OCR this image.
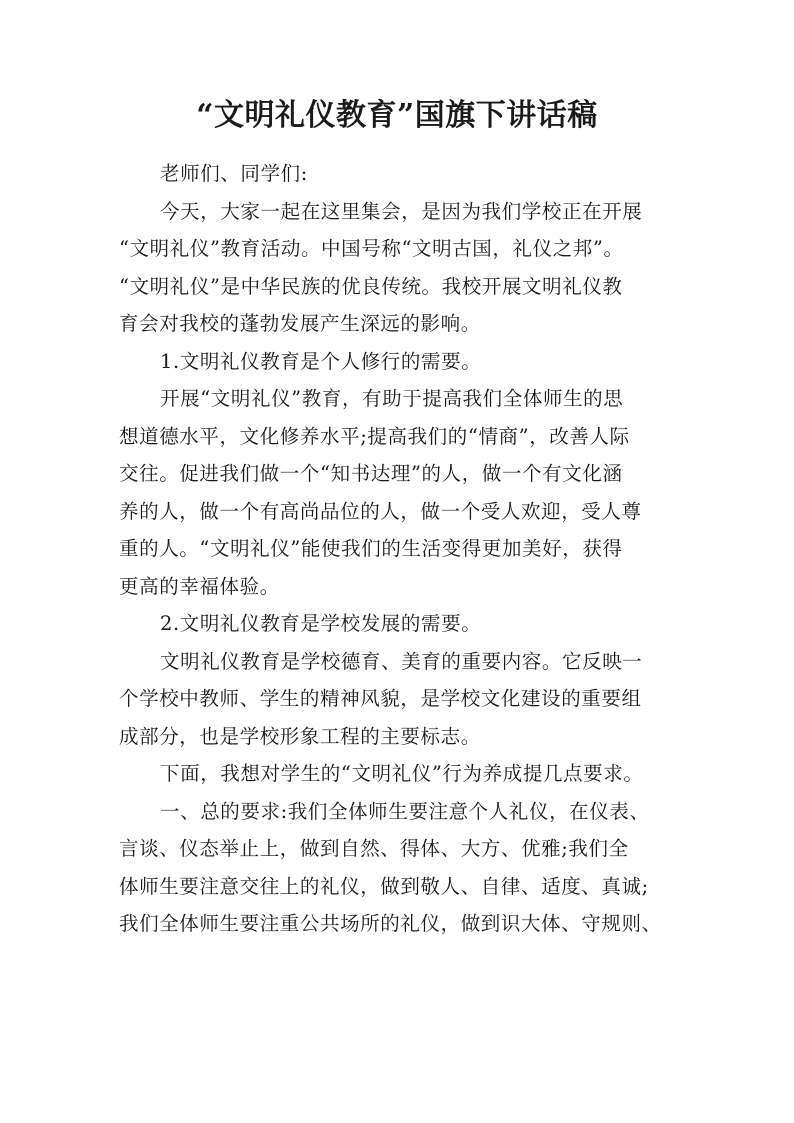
“文明礼仪教育”国旗下讲话稿
老师们、同学们:
今天，大家一起在这里集会，是因为我们学校正在开展
“文明礼仪”教育活动。中国号称“文明古国，礼仪之邦”。
“文明礼仪”是中华民族的优良传统。我校开展文明礼仪教
育会对我校的蓬勃发展产生深远的影响。
1.文明礼仪教育是个人修行的需要。
开展“文明礼仪”教育，有助于提高我们全体师生的思
想道德水平，文化修养水平;提高我们的“情商”，改善人际
交往。促进我们做一个“知书达理”的人，做一个有文化涵
养的人，做一个有高尚品位的人，做一个受人欢迎，受人尊
重的人。“文明礼仪”能使我们的生活变得更加美好，获得
更高的幸福体验。
2.文明礼仪教育是学校发展的需要。
文明礼仪教育是学校德育、美育的重要内容。它反映一
个学校中教师、学生的精神风貌，是学校文化建设的重要组
成部分，也是学校形象工程的主要标志。
下面，我想对学生的“文明礼仪”行为养成提几点要求。
一、总的要求:我们全体师生要注意个人礼仪，在仪表、
言谈、仪态举止上，做到自然、得体、大方、优雅;我们全
体师生要注意交往上的礼仪，做到敬人、自律、适度、真诚;
我们全体师生要注重公共场所的礼仪，做到识大体、守规则、
